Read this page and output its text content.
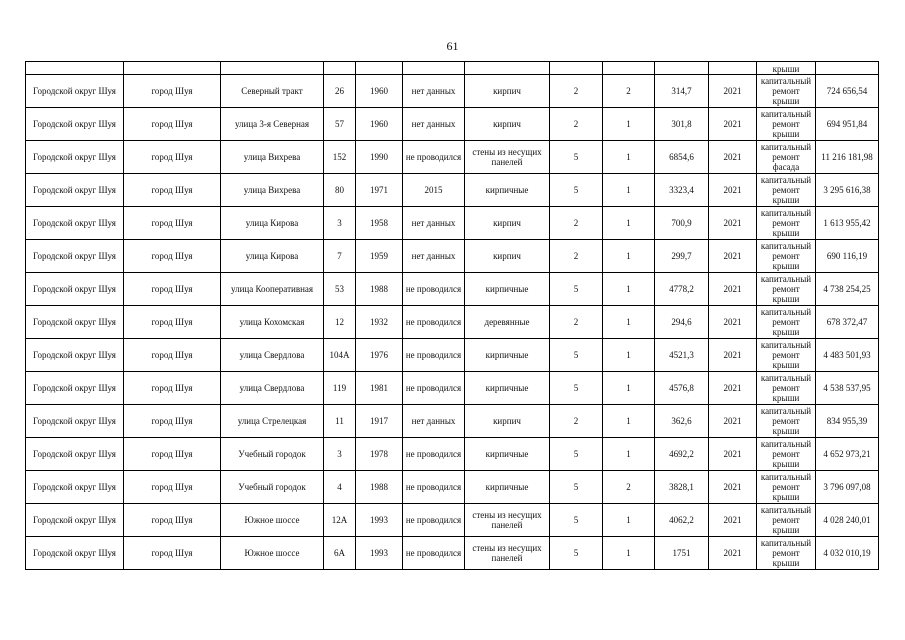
61
											крыши	
Городской округ Шуя	город Шуя	Северный тракт	26	1960	нет данных	кирпич	2	2	314,7	2021	капитальный ремонт крыши	724 656,54
Городской округ Шуя	город Шуя	улица 3-я Северная	57	1960	нет данных	кирпич	2	1	301,8	2021	капитальный ремонт крыши	694 951,84
Городской округ Шуя	город Шуя	улица Вихрева	152	1990	не проводился	стены из несущих панелей	5	1	6854,6	2021	капитальный ремонт фасада	11 216 181,98
Городской округ Шуя	город Шуя	улица Вихрева	80	1971	2015	кирпичные	5	1	3323,4	2021	капитальный ремонт крыши	3 295 616,38
Городской округ Шуя	город Шуя	улица Кирова	3	1958	нет данных	кирпич	2	1	700,9	2021	капитальный ремонт крыши	1 613 955,42
Городской округ Шуя	город Шуя	улица Кирова	7	1959	нет данных	кирпич	2	1	299,7	2021	капитальный ремонт крыши	690 116,19
Городской округ Шуя	город Шуя	улица Кооперативная	53	1988	не проводился	кирпичные	5	1	4778,2	2021	капитальный ремонт крыши	4 738 254,25
Городской округ Шуя	город Шуя	улица Кохомская	12	1932	не проводился	деревянные	2	1	294,6	2021	капитальный ремонт крыши	678 372,47
Городской округ Шуя	город Шуя	улица Свердлова	104А	1976	не проводился	кирпичные	5	1	4521,3	2021	капитальный ремонт крыши	4 483 501,93
Городской округ Шуя	город Шуя	улица Свердлова	119	1981	не проводился	кирпичные	5	1	4576,8	2021	капитальный ремонт крыши	4 538 537,95
Городской округ Шуя	город Шуя	улица Стрелецкая	11	1917	нет данных	кирпич	2	1	362,6	2021	капитальный ремонт крыши	834 955,39
Городской округ Шуя	город Шуя	Учебный городок	3	1978	не проводился	кирпичные	5	1	4692,2	2021	капитальный ремонт крыши	4 652 973,21
Городской округ Шуя	город Шуя	Учебный городок	4	1988	не проводился	кирпичные	5	2	3828,1	2021	капитальный ремонт крыши	3 796 097,08
Городской округ Шуя	город Шуя	Южное шоссе	12А	1993	не проводился	стены из несущих панелей	5	1	4062,2	2021	капитальный ремонт крыши	4 028 240,01
Городской округ Шуя	город Шуя	Южное шоссе	6А	1993	не проводился	стены из несущих панелей	5	1	1751	2021	капитальный ремонт крыши	4 032 010,19
